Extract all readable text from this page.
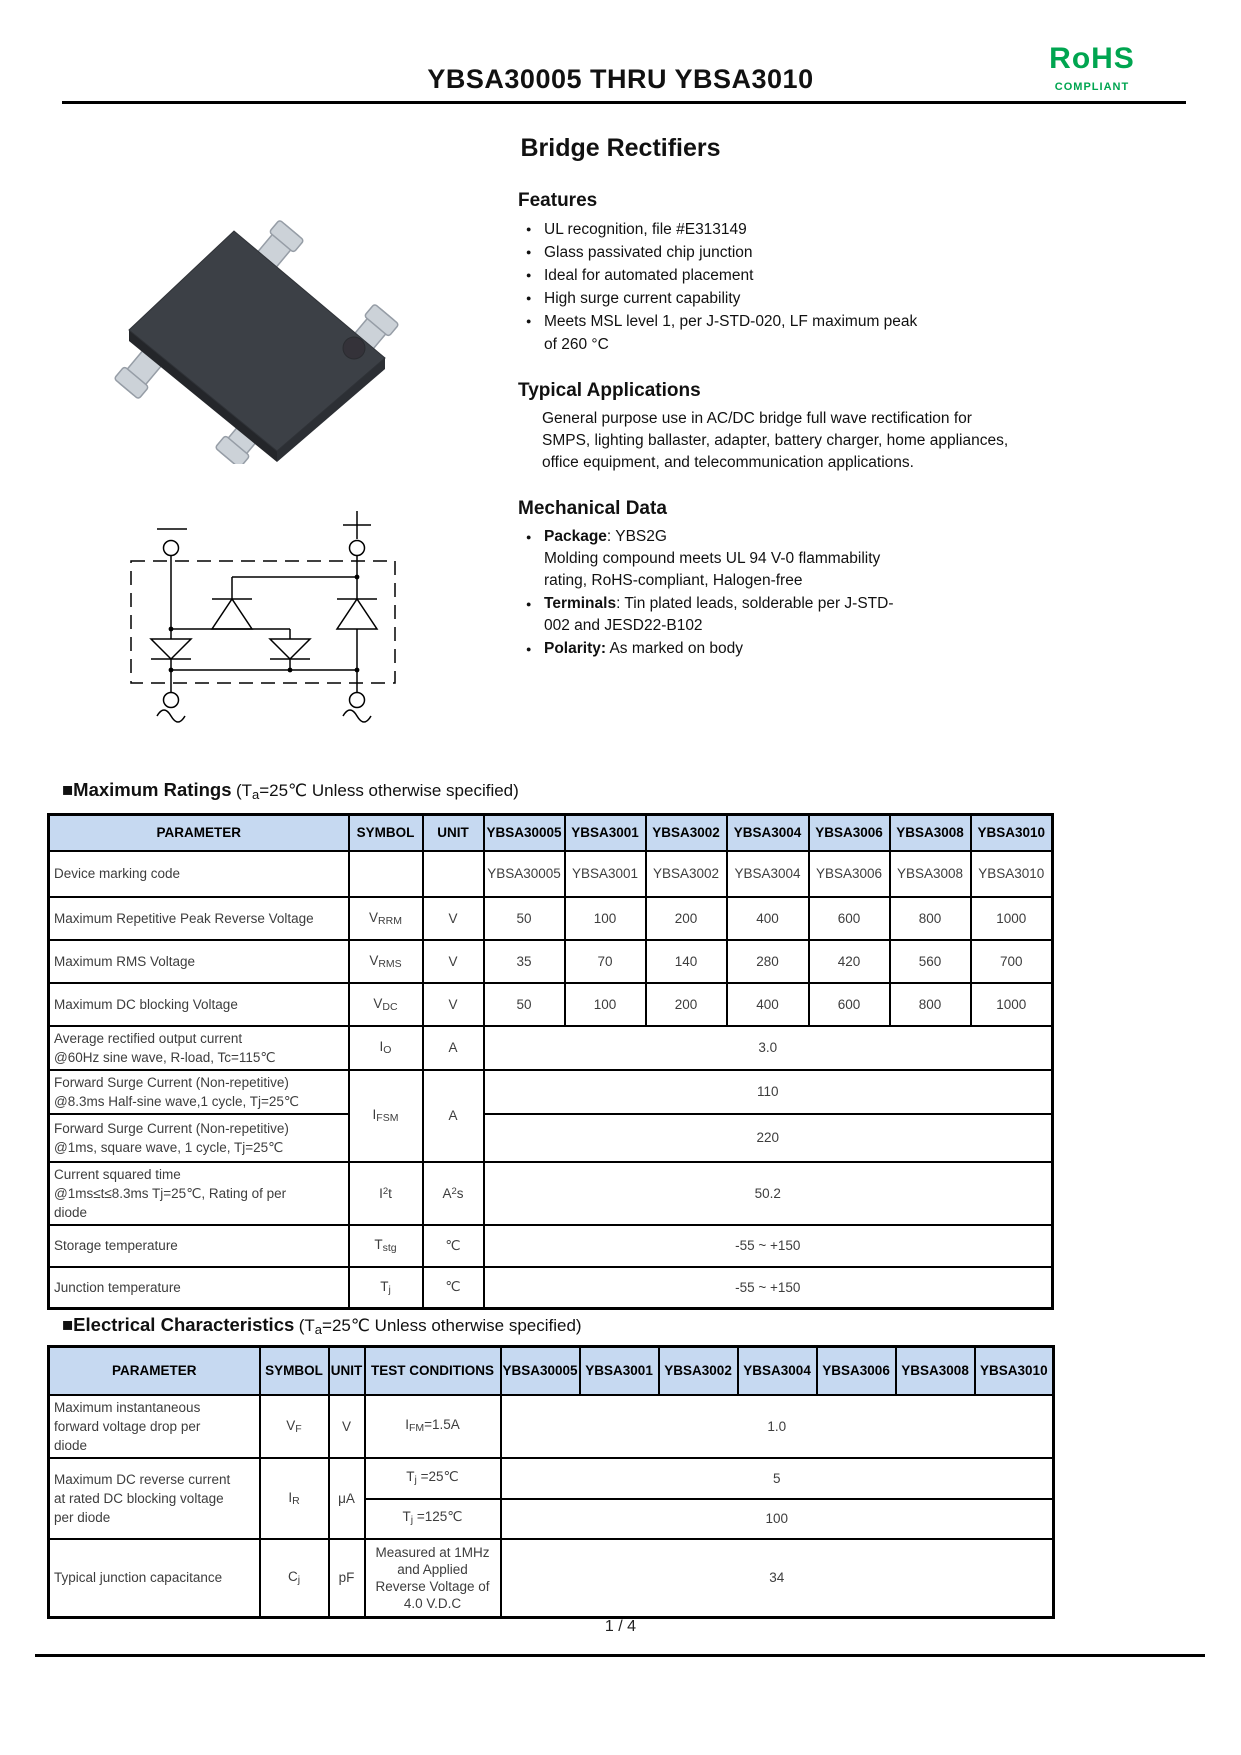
YBSA30005 THRU YBSA3010
RoHS
COMPLIANT
Bridge Rectifiers
Features
● UL recognition, file #E313149
● Glass passivated chip junction
● Ideal for automated placement
● High surge current capability
● Meets MSL level 1, per J-STD-020, LF maximum peak of 260 °C
Typical Applications
General purpose use in AC/DC bridge full wave rectification for SMPS, lighting ballaster, adapter, battery charger, home appliances, office equipment, and telecommunication applications.
Mechanical Data
● Package: YBS2G
Molding compound meets UL 94 V-0 flammability rating, RoHS-compliant, Halogen-free
● Terminals: Tin plated leads, solderable per J-STD-002 and JESD22-B102
● Polarity: As marked on body
■Maximum Ratings (Ta=25℃ Unless otherwise specified)
PARAMETER	SYMBOL	UNIT	YBSA30005	YBSA3001	YBSA3002	YBSA3004	YBSA3006	YBSA3008	YBSA3010
Device marking code			YBSA30005	YBSA3001	YBSA3002	YBSA3004	YBSA3006	YBSA3008	YBSA3010
Maximum Repetitive Peak Reverse Voltage	VRRM	V	50	100	200	400	600	800	1000
Maximum RMS Voltage	VRMS	V	35	70	140	280	420	560	700
Maximum DC blocking Voltage	VDC	V	50	100	200	400	600	800	1000

Average rectified output current
@60Hz sine wave, R-load, Tc=115℃	IO	A	3.0						

Forward Surge Current (Non-repetitive)
@8.3ms Half-sine wave,1 cycle, Tj=25℃	IFSM	A	110						

Forward Surge Current (Non-repetitive)
@1ms, square wave, 1 cycle, Tj=25℃			220						

Current squared time
@1ms≤t≤8.3ms Tj=25℃, Rating of per
diode	$I^2t$	$A^2s$	50.2						
Storage temperature	Tstg	℃	-55 ~ +150						
Junction temperature	Tj	℃	-55 ~ +150						
■Electrical Characteristics (Ta=25℃ Unless otherwise specified)
PARAMETER	SYMBOL	UNIT	TEST CONDITIONS	YBSA30005	YBSA3001	YBSA3002	YBSA3004	YBSA3006	YBSA3008	YBSA3010

Maximum instantaneous
forward voltage drop per
diode	VF	V	IFM=1.5A	1.0						

Maximum DC reverse current
at rated DC blocking voltage
per diode	IR	μA	Tj =25℃	5						
			Tj =125℃	100						
Typical junction capacitance	Cj	pF	Measured at 1MHz
and Applied
Reverse Voltage of
4.0 V.D.C	34						
1 / 4
